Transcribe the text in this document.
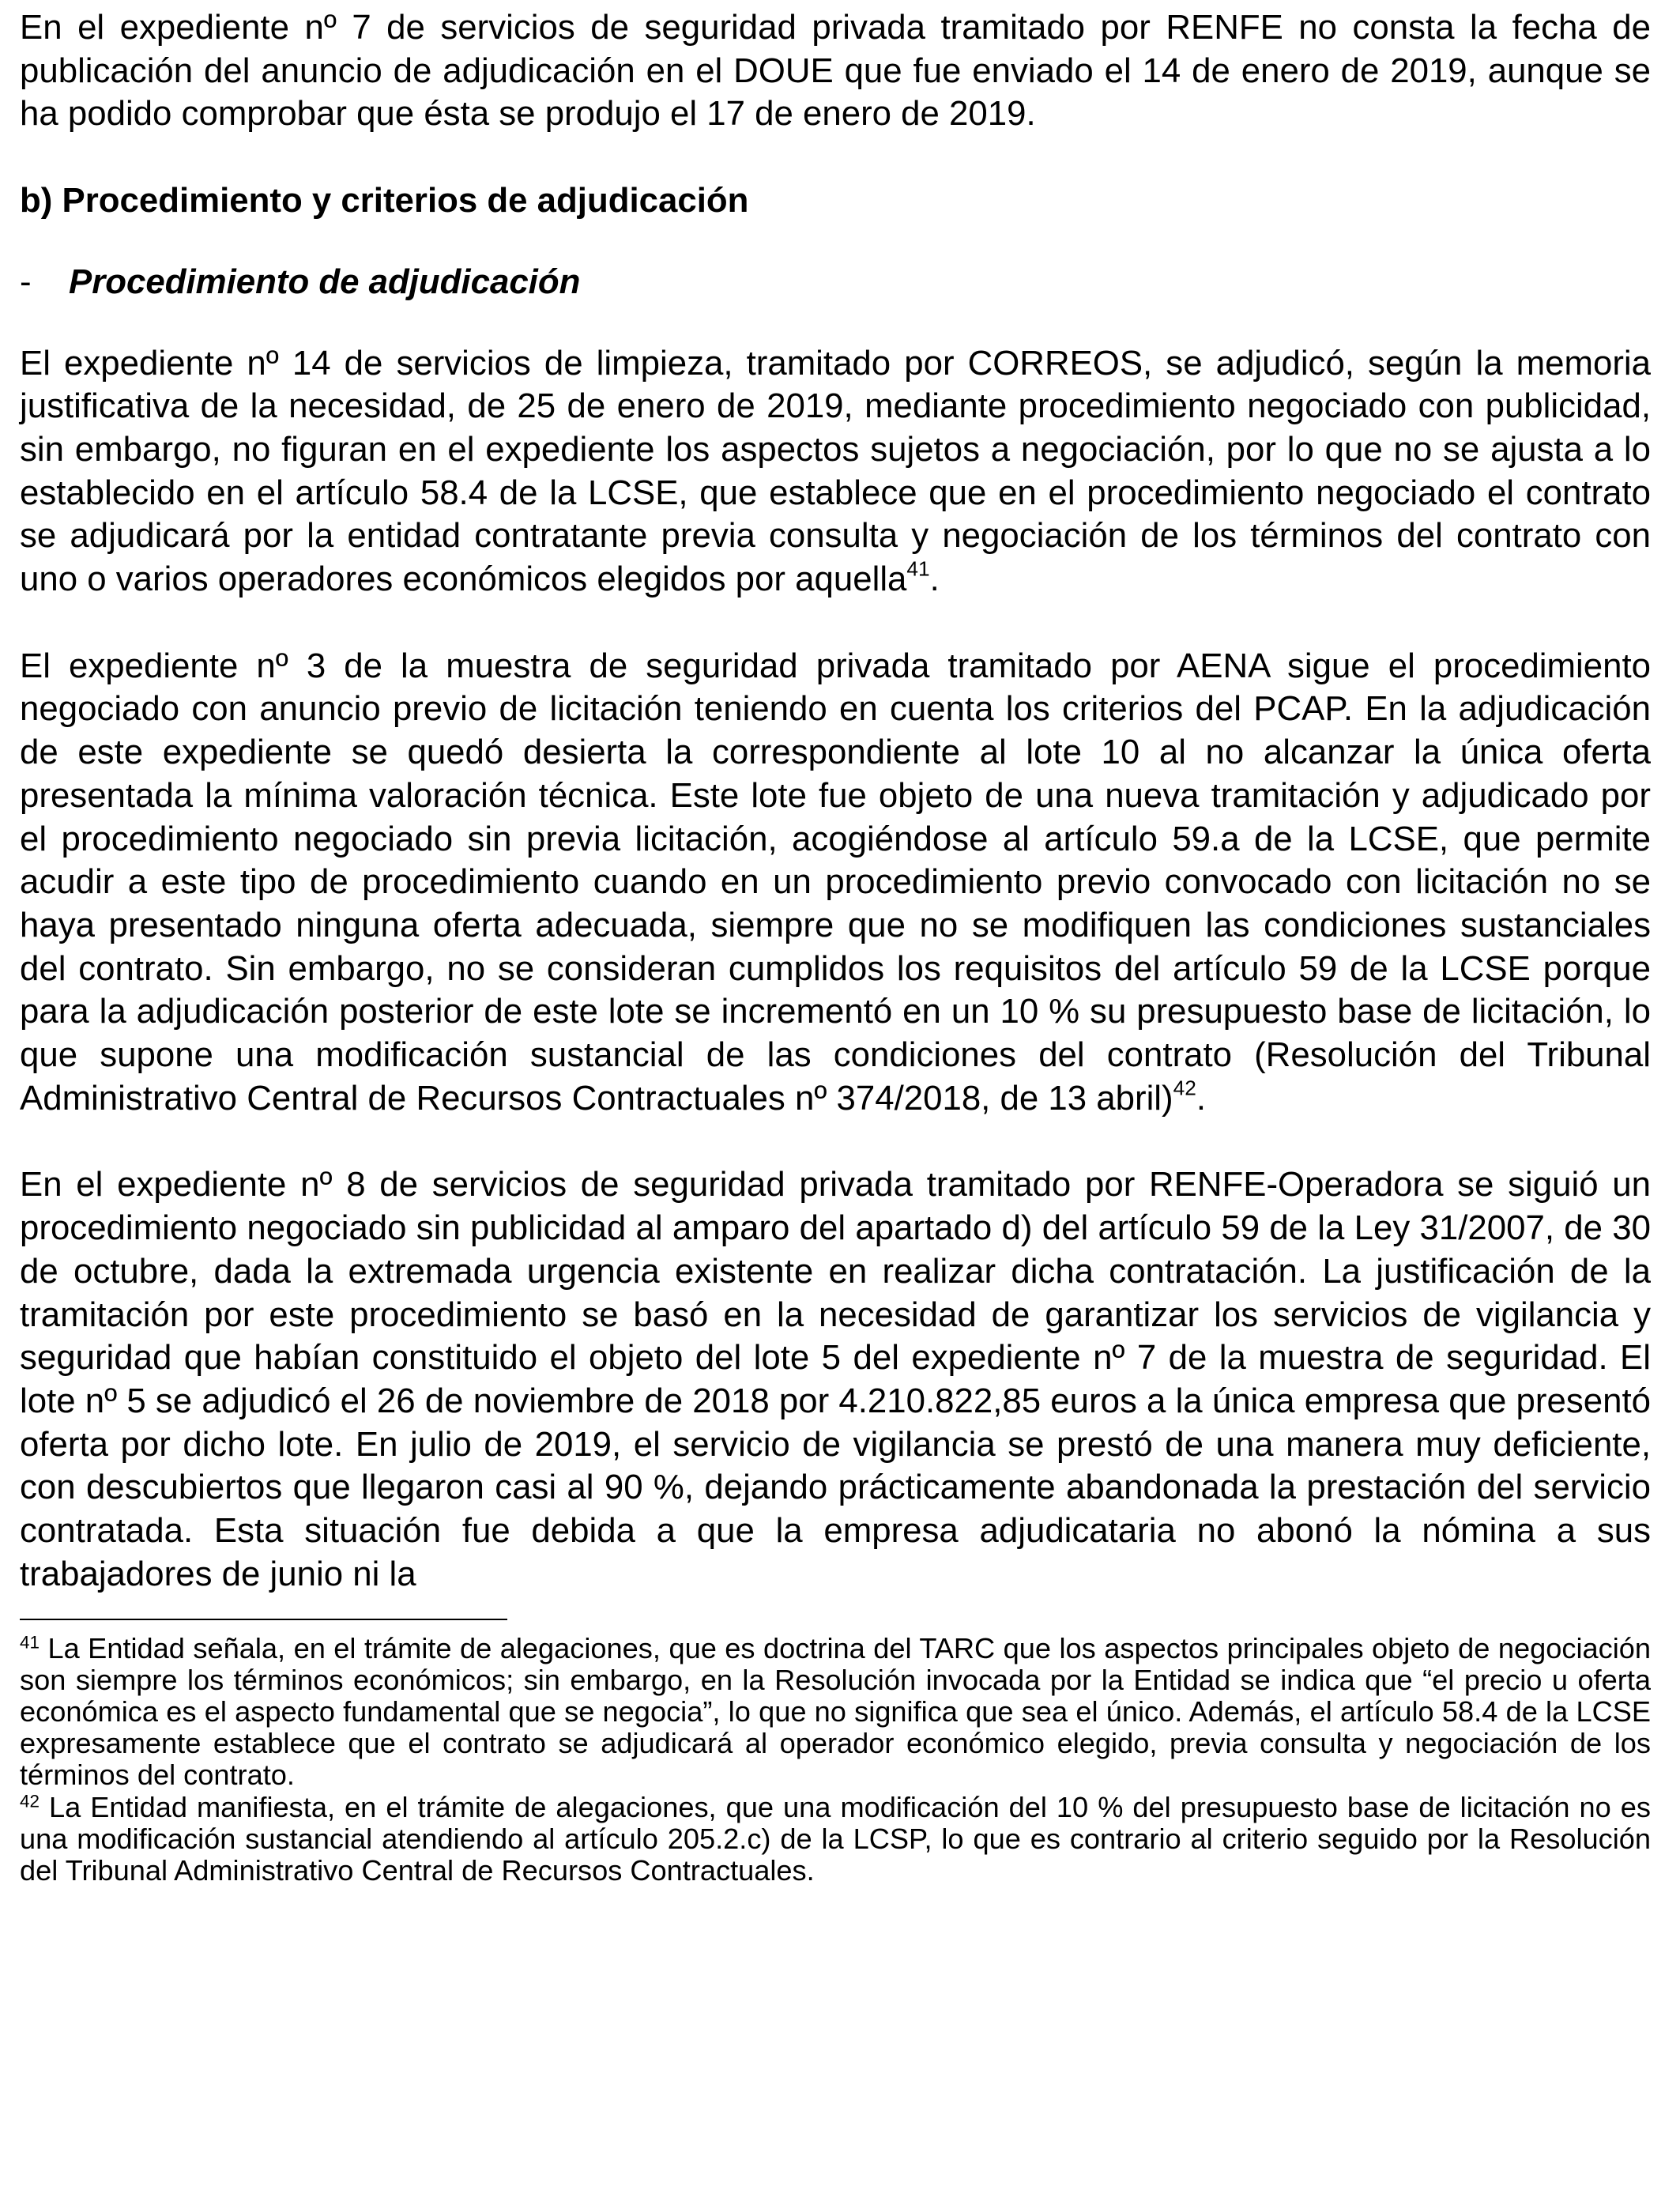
En el expediente nº 7 de servicios de seguridad privada tramitado por RENFE no consta la fecha de publicación del anuncio de adjudicación en el DOUE que fue enviado el 14 de enero de 2019, aunque se ha podido comprobar que ésta se produjo el 17 de enero de 2019.

b) Procedimiento y criterios de adjudicación

-	Procedimiento de adjudicación

El expediente nº 14 de servicios de limpieza, tramitado por CORREOS, se adjudicó, según la memoria justificativa de la necesidad, de 25 de enero de 2019, mediante procedimiento negociado con publicidad, sin embargo, no figuran en el expediente los aspectos sujetos a negociación, por lo que no se ajusta a lo establecido en el artículo 58.4 de la LCSE, que establece que en el procedimiento negociado el contrato se adjudicará por la entidad contratante previa consulta y negociación de los términos del contrato con uno o varios operadores económicos elegidos por aquella$^{41}$.

El expediente nº 3 de la muestra de seguridad privada tramitado por AENA sigue el procedimiento negociado con anuncio previo de licitación teniendo en cuenta los criterios del PCAP. En la adjudicación de este expediente se quedó desierta la correspondiente al lote 10 al no alcanzar la única oferta presentada la mínima valoración técnica. Este lote fue objeto de una nueva tramitación y adjudicado por el procedimiento negociado sin previa licitación, acogiéndose al artículo 59.a de la LCSE, que permite acudir a este tipo de procedimiento cuando en un procedimiento previo convocado con licitación no se haya presentado ninguna oferta adecuada, siempre que no se modifiquen las condiciones sustanciales del contrato. Sin embargo, no se consideran cumplidos los requisitos del artículo 59 de la LCSE porque para la adjudicación posterior de este lote se incrementó en un 10 % su presupuesto base de licitación, lo que supone una modificación sustancial de las condiciones del contrato (Resolución del Tribunal Administrativo Central de Recursos Contractuales nº 374/2018, de 13 abril)$^{42}$.

En el expediente nº 8 de servicios de seguridad privada tramitado por RENFE-Operadora se siguió un procedimiento negociado sin publicidad al amparo del apartado d) del artículo 59 de la Ley 31/2007, de 30 de octubre, dada la extremada urgencia existente en realizar dicha contratación. La justificación de la tramitación por este procedimiento se basó en la necesidad de garantizar los servicios de vigilancia y seguridad que habían constituido el objeto del lote 5 del expediente nº 7 de la muestra de seguridad. El lote nº 5 se adjudicó el 26 de noviembre de 2018 por 4.210.822,85 euros a la única empresa que presentó oferta por dicho lote. En julio de 2019, el servicio de vigilancia se prestó de una manera muy deficiente, con descubiertos que llegaron casi al 90 %, dejando prácticamente abandonada la prestación del servicio contratada. Esta situación fue debida a que la empresa adjudicataria no abonó la nómina a sus trabajadores de junio ni la

$^{41}$ La Entidad señala, en el trámite de alegaciones, que es doctrina del TARC que los aspectos principales objeto de negociación son siempre los términos económicos; sin embargo, en la Resolución invocada por la Entidad se indica que “el precio u oferta económica es el aspecto fundamental que se negocia”, lo que no significa que sea el único. Además, el artículo 58.4 de la LCSE expresamente establece que el contrato se adjudicará al operador económico elegido, previa consulta y negociación de los términos del contrato.

$^{42}$ La Entidad manifiesta, en el trámite de alegaciones, que una modificación del 10 % del presupuesto base de licitación no es una modificación sustancial atendiendo al artículo 205.2.c) de la LCSP, lo que es contrario al criterio seguido por la Resolución del Tribunal Administrativo Central de Recursos Contractuales.
